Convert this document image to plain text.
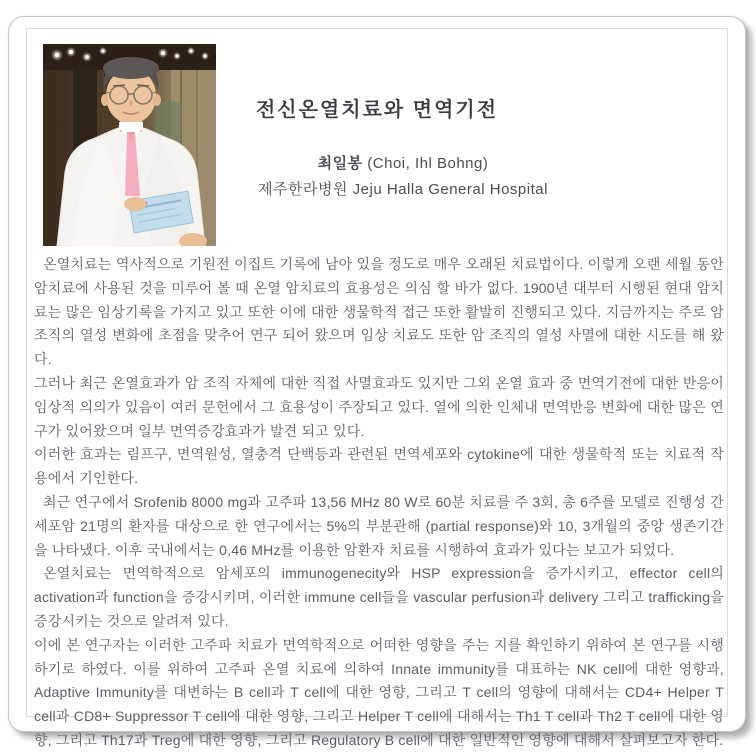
전신온열치료와 면역기전
최일봉 (Choi, Ihl Bohng)
제주한라병원 Jeju Halla General Hospital

온열치료는 역사적으로 기원전 이집트 기록에 남아 있을 정도로 매우 오래된 치료법이다. 이렇게 오랜 세월 동안 암치료에 사용된 것을 미루어 볼 때 온열 암치료의 효용성은 의심 할 바가 없다. 1900년 대부터 시행된 현대 암치료는 많은 임상기록을 가지고 있고 또한 이에 대한 생물학적 접근 또한 활발히 진행되고 있다. 지금까지는 주로 암조직의 열성 변화에 초점을 맞추어 연구 되어 왔으며 임상 치료도 또한 암 조직의 열성 사멸에 대한 시도를 해 왔다.

그러나 최근 온열효과가 암 조직 자체에 대한 직접 사멸효과도 있지만 그외 온열 효과 중 면역기전에 대한 반응이 임상적 의의가 있음이 여러 문헌에서 그 효용성이 주장되고 있다. 열에 의한 인체내 면역반응 변화에 대한 많은 연구가 있어왔으며 일부 면역증강효과가 발견 되고 있다.

이러한 효과는 림프구, 면역원성, 열충격 단백등과 관련된 면역세포와 cytokine에 대한 생물학적 또는 치료적 작용에서 기인한다.

최근 연구에서 Srofenib 8000 mg과 고주파 13,56 MHz 80 W로 60분 치료를 주 3회, 총 6주를 모델로 진행성 간세포암 21명의 환자를 대상으로 한 연구에서는 5%의 부분관해 (partial response)와 10, 3개월의 중앙 생존기간을 나타냈다. 이후 국내에서는 0,46 MHz를 이용한 암환자 치료를 시행하여 효과가 있다는 보고가 되었다.

온열치료는 면역학적으로 암세포의 immunogenecity와 HSP expression을 증가시키고, effector cell의 activation과 function을 증강시키며, 이러한 immune cell들을 vascular perfusion과 delivery 그리고 trafficking을 증강시키는 것으로 알려져 있다.

이에 본 연구자는 이러한 고주파 치료가 면역학적으로 어떠한 영향을 주는 지를 확인하기 위하여 본 연구를 시행하기로 하였다. 이를 위하여 고주파 온열 치료에 의하여 Innate immunity를 대표하는 NK cell에 대한 영향과, Adaptive Immunity를 대변하는 B cell과 T cell에 대한 영향, 그리고 T cell의 영향에 대해서는 CD4+ Helper T cell과 CD8+ Suppressor T cell에 대한 영향, 그리고 Helper T cell에 대해서는 Th1 T cell과 Th2 T cell에 대한 영향, 그리고 Th17과 Treg에 대한 영향, 그리고 Regulatory B cell에 대한 일반적인 영향에 대해서 살펴보고자 한다.
